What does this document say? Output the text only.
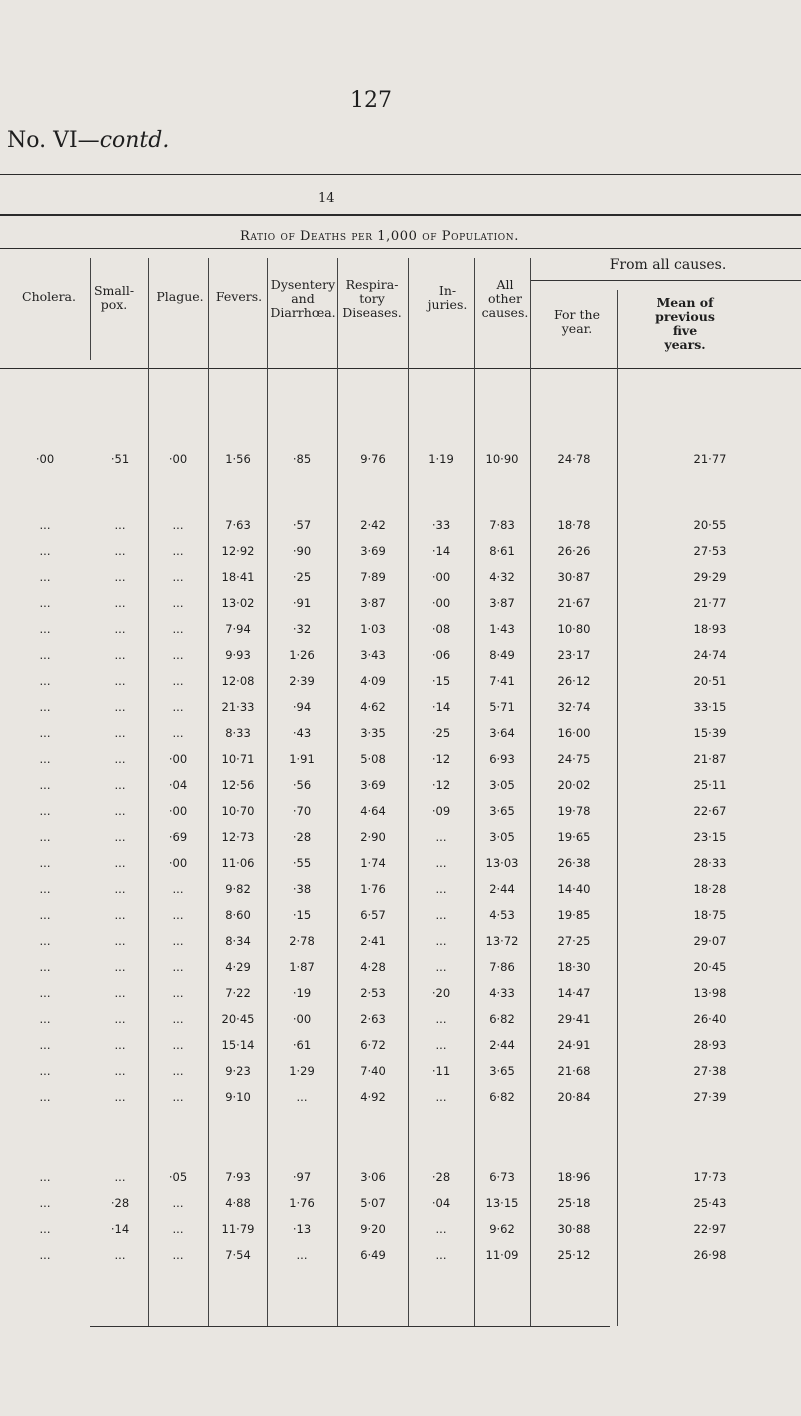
127
No. VI—contd.
14
Ratio of Deaths per 1,000 of Population.
Cholera.	Small-
pox.
Plague. Fevers.
Dysentery
and
Diarrhœa.
Respira-
tory
Diseases.
In-
juries.
All
other
causes.
From all causes.
For the
year.
Mean of
previous
five
years.
·00	·51	·00	1·56	·85	9·76	1·19	10·90	24·78	21·77
...	...	...	7·63	·57	2·42	·33	7·83	18·78	20·55
...	...	...	12·92	·90	3·69	·14	8·61	26·26	27·53
...	...	...	18·41	·25	7·89	·00	4·32	30·87	29·29
...	...	...	13·02	·91	3·87	·00	3·87	21·67	21·77
...	...	...	7·94	·32	1·03	·08	1·43	10·80	18·93
...	...	...	9·93	1·26	3·43	·06	8·49	23·17	24·74
...	...	...	12·08	2·39	4·09	·15	7·41	26·12	20·51
...	...	...	21·33	·94	4·62	·14	5·71	32·74	33·15
...	...	...	8·33	·43	3·35	·25	3·64	16·00	15·39
...	...	·00	10·71	1·91	5·08	·12	6·93	24·75	21·87
...	...	·04	12·56	·56	3·69	·12	3·05	20·02	25·11
...	...	·00	10·70	·70	4·64	·09	3·65	19·78	22·67
...	...	·69	12·73	·28	2·90	...	3·05	19·65	23·15
...	...	·00	11·06	·55	1·74	...	13·03	26·38	28·33
...	...	...	9·82	·38	1·76	...	2·44	14·40	18·28
...	...	...	8·60	·15	6·57	...	4·53	19·85	18·75
...	...	...	8·34	2·78	2·41	...	13·72	27·25	29·07
...	...	...	4·29	1·87	4·28	...	7·86	18·30	20·45
...	...	...	7·22	·19	2·53	·20	4·33	14·47	13·98
...	...	...	20·45	·00	2·63	...	6·82	29·41	26·40
...	...	...	15·14	·61	6·72	...	2·44	24·91	28·93
...	...	...	9·23	1·29	7·40	·11	3·65	21·68	27·38
...	...	...	9·10	...	4·92	...	6·82	20·84	27·39
...	...	·05	7·93	·97	3·06	·28	6·73	18·96	17·73
...	·28	...	4·88	1·76	5·07	·04	13·15	25·18	25·43
...	·14	...	11·79	·13	9·20	...	9·62	30·88	22·97
...	...	...	7·54	...	6·49	...	11·09	25·12	26·98
